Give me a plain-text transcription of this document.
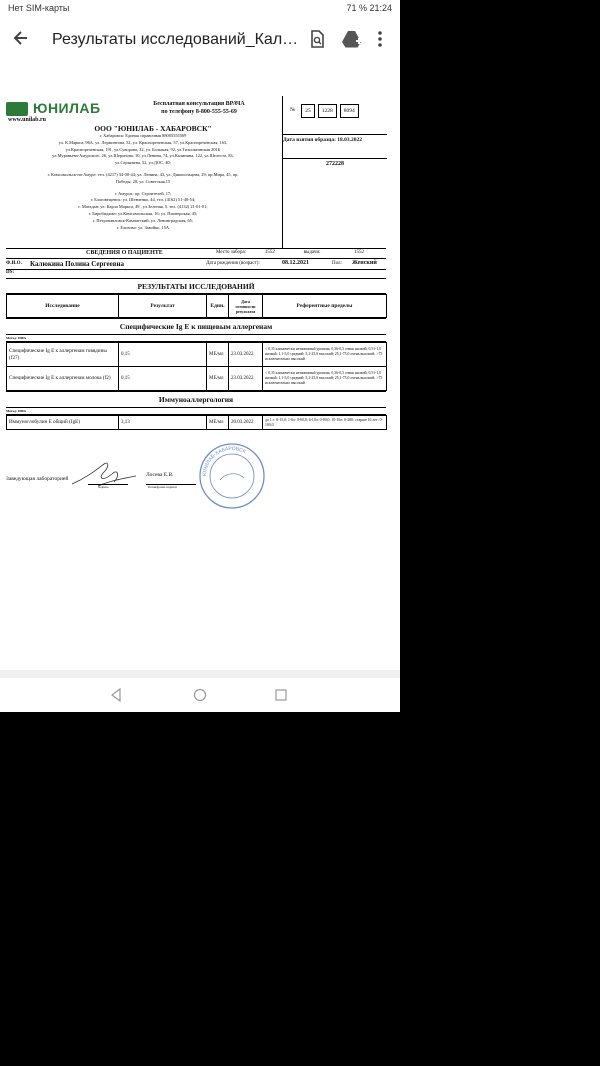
Нет SIM-карты	71 % 21:24
Результаты исследований_Кал…
ЮНИЛАБ
www.unilab.ru
Бесплатная консультация ВРАЧА
по телефону 8-800-555-55-69
ООО "ЮНИЛАБ - ХАБАРОВСК"

г. Хабаровск: Единая справочная 88005555569

ул. К.Маркса, 96А, ул. Лермонтова, 52, ул. Краснореченская, 57, ул.Краснореченская, 163,

ул.Краснореченская, 191, ул.Суворова, 32, ул. Большая, 92, ул.Тихоокеанская 201Б

ул.Муравьева-Амурского, 26, ул.Шеронова, 10, ул.Ленина, 74, ул.Калинина, 122, ул.Шелеста, 83,

ул.Серышева, 52, ул.ДОС, 40;

г. Комсомольск-на-Амуре: тел. (4217) 34-00-44; ул. Ленина, 43, ул. Дикопольцева, 29; пр.Мира, 45, пр.

Победы, 20, ул. Советская,15

г. Амурск: пр. Строителей, 17;

г. Благовещенск: ул. Шевченко, 44, тел. (4162) 51-40-54;

г. Магадан: ул. Карла Маркса, 49 , ул.Зеленая, 5. тел. (4132) 21-01-01;

г. Биробиджан: ул.Комсомольская, 16; ул. Пионерская, 45;

г. Петропавловск-Камчатский, ул. Ленинградская, 65;

г. Елизово: ул. Завойко, 15А

№	25	1228	8094
Дата взятия образца: 18.03.2022
272228
СВЕДЕНИЯ О ПАЦИЕНТЕ	Место забора:	1552	выдачи:	1552
Ф.И.О. Калюкина Полина Сергеевна	Дата рождения (возраст):	08.12.2021	Пол: Женский
DS:
РЕЗУЛЬТАТЫ ИССЛЕДОВАНИЙ
Исследование	Результат	Един.	Дата готовности результата	Референтные пределы
Специфические Ig E к пищевым аллергенам
Метод: ИФА
Специфические Ig E к аллергенам говядины (f27)	0,15	МЕ/мл	23.03.2022	< 0,35 клинически незначимый уровень; 0,36-0,5 очень низкий; 0,51-1,0 низкий; 1,1-5,0 средний; 5,1-25,0 высокий; 25,1-75,0 очень высокий; >75 исключительно высокий
Специфические Ig E к аллергенам молока (f2)	0,15	МЕ/мл	23.03.2022	< 0,35 клинически незначимый уровень; 0,36-0,5 очень низкий; 0,51-1,0 низкий; 1,1-5,0 средний; 5,1-25,0 высокий; 25,1-75,0 очень высокий; >75 исключительно высокий
Иммуноаллергология
Метод: ИФА
Иммуноглобулин E общий (IgE)	3,13	МЕ/мл	20.03.2022	до 1 г: 0-15,0; 1-6л: 0-60,0; 6-10л: 0-90,0; 10-16л: 0-200; старше 16 лет: 0-100,0
Заведующая лабораторией
подпись
Лосева Е.В.
Расшифровка подписи
ЮНИЛАБ-ХАБАРОВСК
